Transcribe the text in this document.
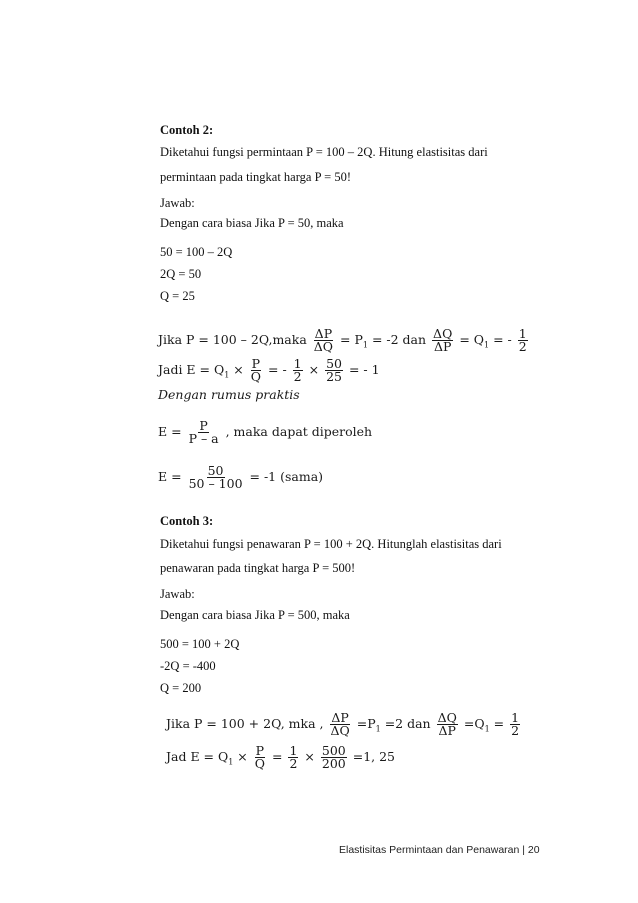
Contoh 2:
Diketahui fungsi permintaan P = 100 – 2Q. Hitung elastisitas dari
permintaan pada tingkat harga P = 50!
Jawab:
Dengan cara biasa Jika P = 50, maka
50 = 100 – 2Q
2Q = 50
Q = 25
Jika P = 100 – 2Q,maka $\frac{\Delta P}{\Delta Q} = P_1 = -2$ dan $\frac{\Delta Q}{\Delta P} = Q_1$ = - $\frac{1}{2}$
Jadi $E = Q_1 \times \frac{P}{Q}$ = - $\frac{1}{2} \times \frac{50}{25}$ = - 1
Dengan rumus praktis
$E = \frac{P}{P - a}$ , maka dapat diperoleh
$E = \frac{50}{50 - 100} = -1$ (sama)
Contoh 3:
Diketahui fungsi penawaran P = 100 + 2Q. Hitunglah elastisitas dari
penawaran pada tingkat harga P = 500!
Jawab:
Dengan cara biasa Jika P = 500, maka
500 = 100 + 2Q
-2Q = -400
Q = 200
Jika P = 100 + 2Q, mka , $\frac{\Delta P}{\Delta Q} =P_1 =2$ dan $\frac{\Delta Q}{\Delta P} =Q_1 = \frac{1}{2}$
Jad $E = Q_1 \times \frac{P}{Q} = \frac{1}{2} \times \frac{500}{200} =1$, 25
Elastisitas Permintaan dan Penawaran | 20
